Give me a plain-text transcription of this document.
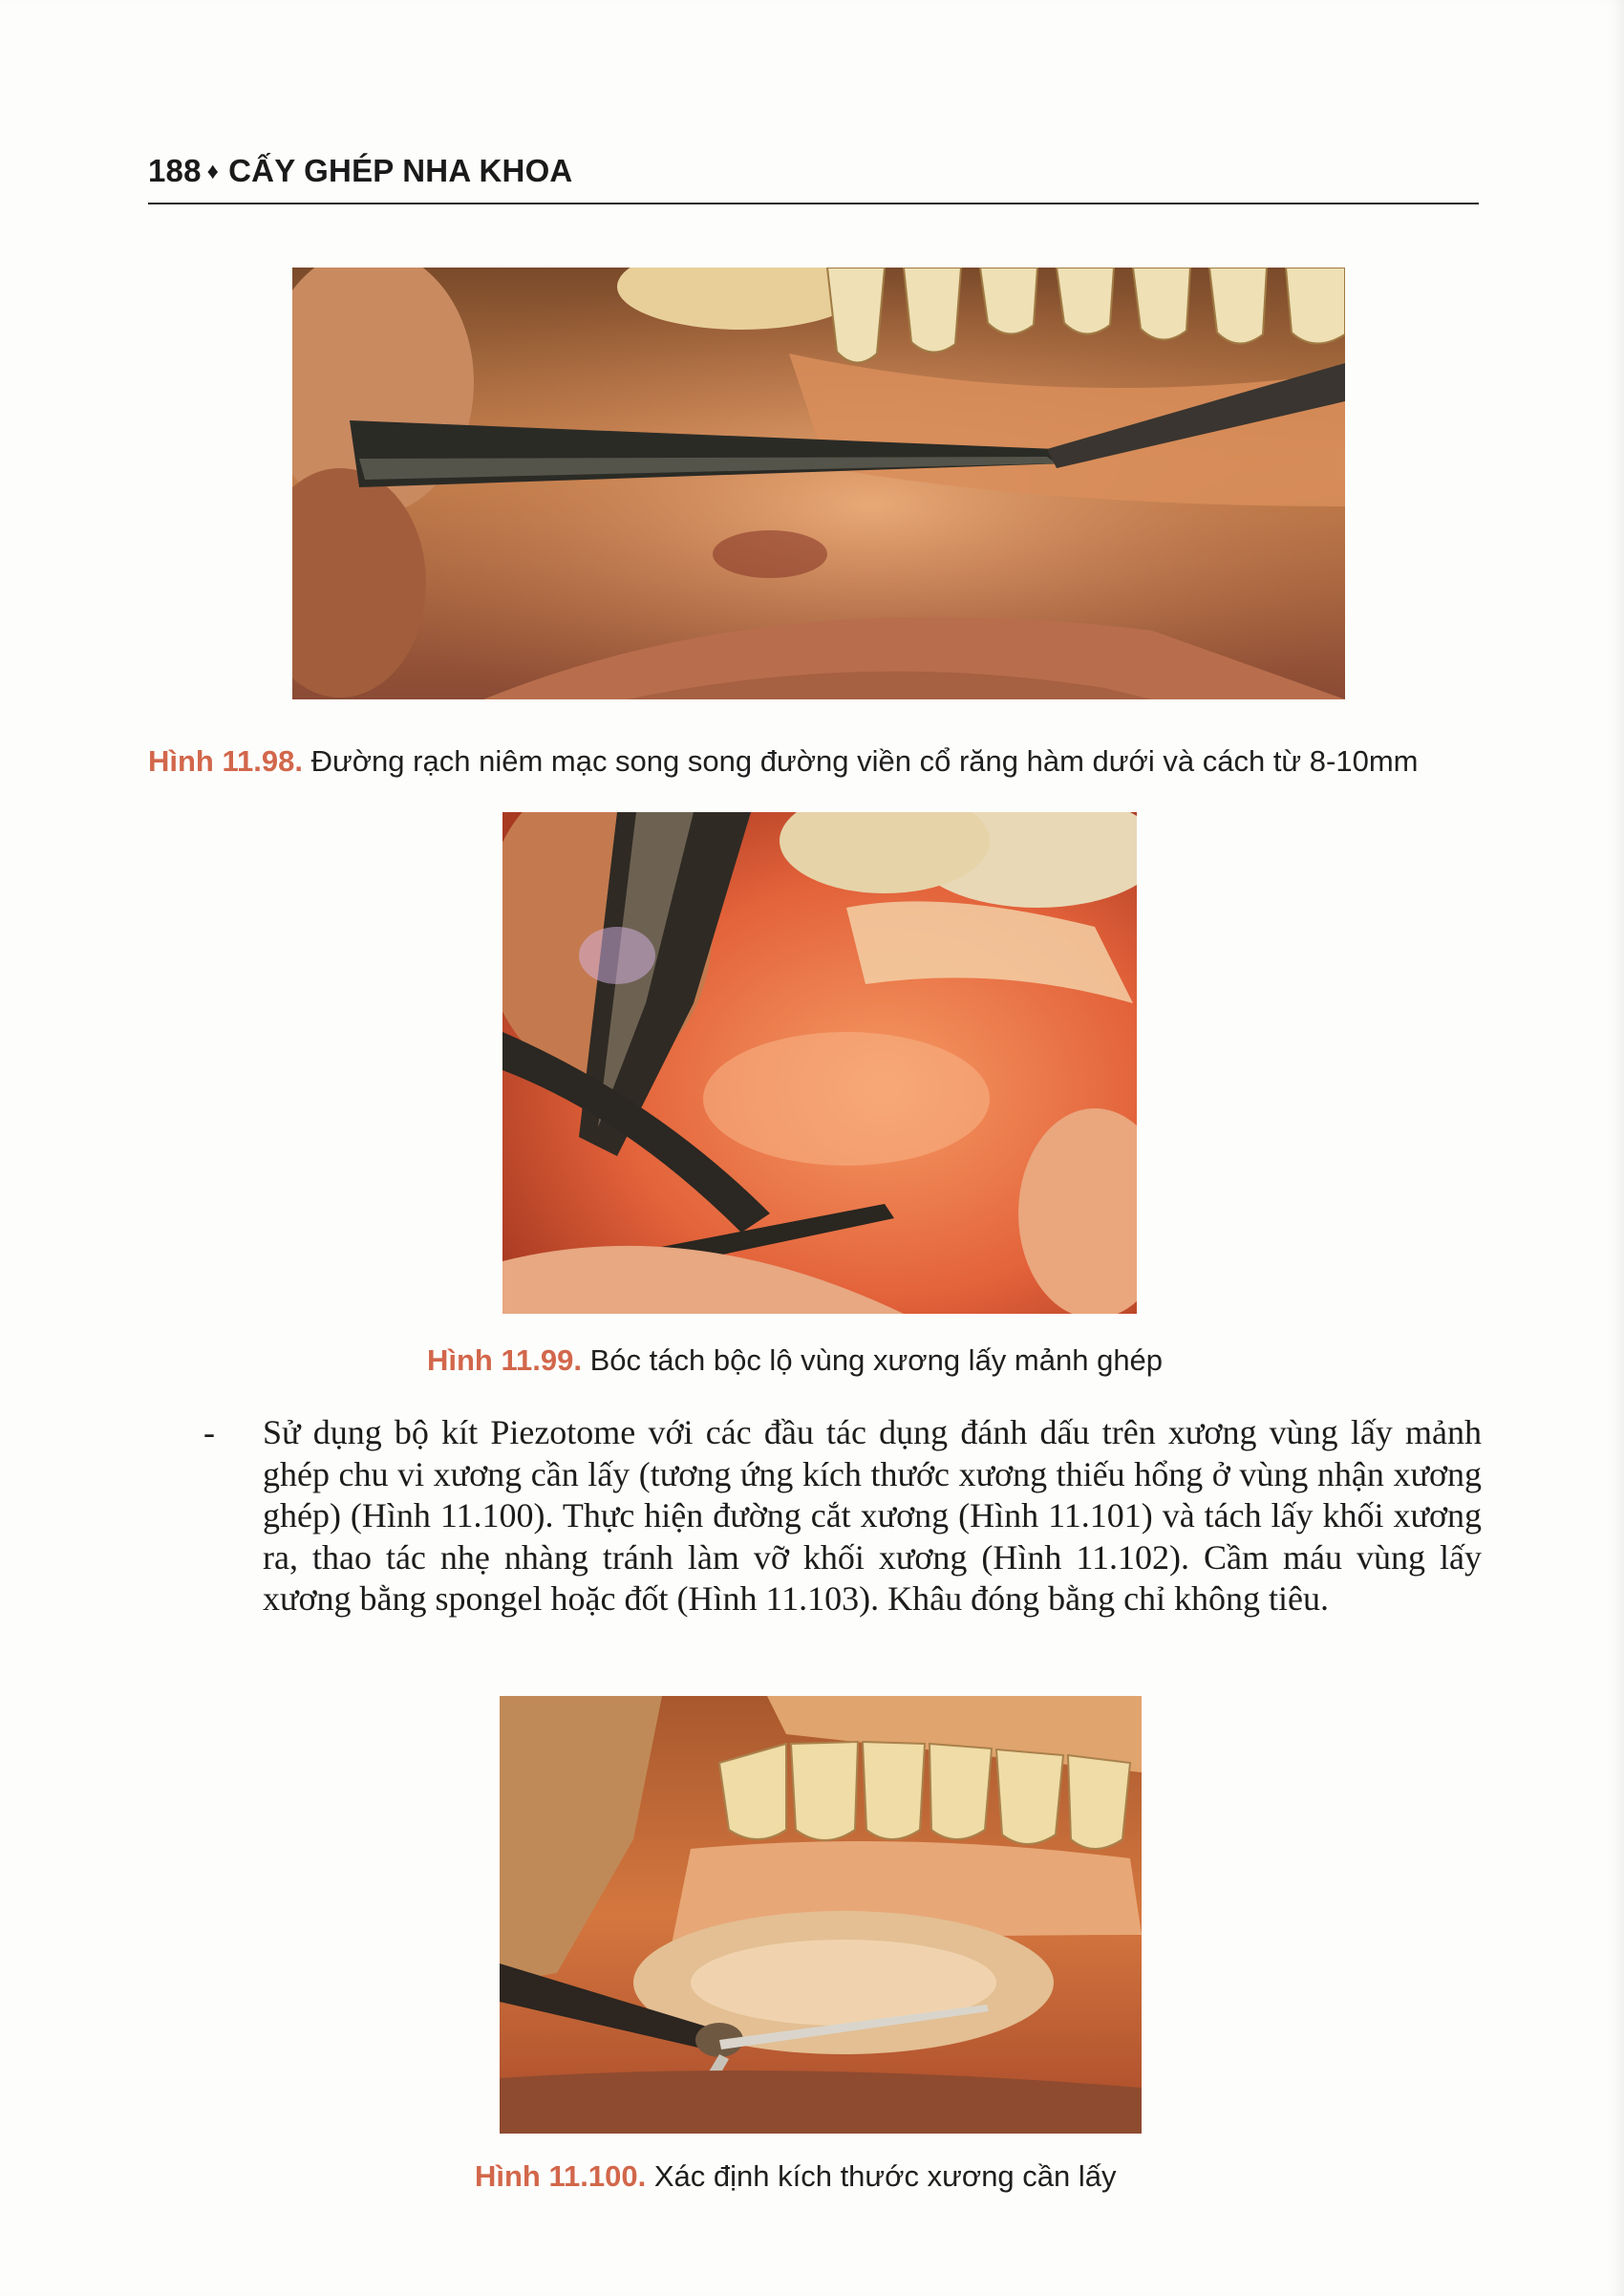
188 ♦ CẤY GHÉP NHA KHOA
Hình 11.98. Đường rạch niêm mạc song song đường viền cổ răng hàm dưới và cách từ 8-10mm
Hình 11.99. Bóc tách bộc lộ vùng xương lấy mảnh ghép
- Sử dụng bộ kít Piezotome với các đầu tác dụng đánh dấu trên xương vùng lấy mảnh ghép chu vi xương cần lấy (tương ứng kích thước xương thiếu hổng ở vùng nhận xương ghép) (Hình 11.100). Thực hiện đường cắt xương (Hình 11.101) và tách lấy khối xương ra, thao tác nhẹ nhàng tránh làm vỡ khối xương (Hình 11.102). Cầm máu vùng lấy xương bằng spongel hoặc đốt (Hình 11.103). Khâu đóng bằng chỉ không tiêu.
Hình 11.100. Xác định kích thước xương cần lấy
